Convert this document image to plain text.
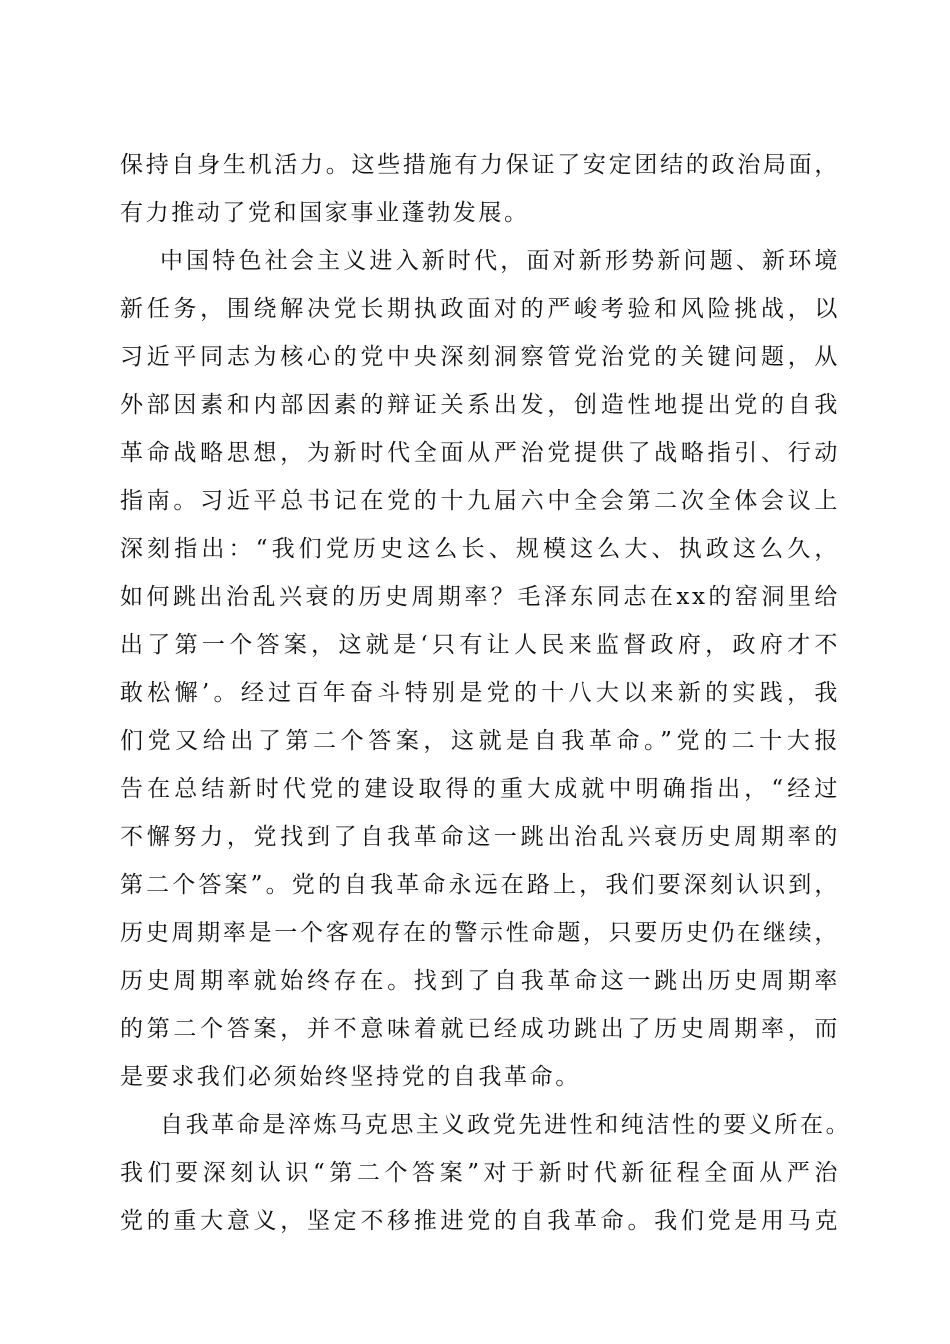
保持自身生机活力。这些措施有力保证了安定团结的政治局面，
有力推动了党和国家事业蓬勃发展。
中国特色社会主义进入新时代，面对新形势新问题、新环境
新任务，围绕解决党长期执政面对的严峻考验和风险挑战，以
习近平同志为核心的党中央深刻洞察管党治党的关键问题，从
外部因素和内部因素的辩证关系出发，创造性地提出党的自我
革命战略思想，为新时代全面从严治党提供了战略指引、行动
指南。习近平总书记在党的十九届六中全会第二次全体会议上
深刻指出：“我们党历史这么长、规模这么大、执政这么久，
如何跳出治乱兴衰的历史周期率？毛泽东同志在xx的窑洞里给
出了第一个答案，这就是‘只有让人民来监督政府，政府才不
敢松懈’。经过百年奋斗特别是党的十八大以来新的实践，我
们党又给出了第二个答案，这就是自我革命。”党的二十大报
告在总结新时代党的建设取得的重大成就中明确指出，“经过
不懈努力，党找到了自我革命这一跳出治乱兴衰历史周期率的
第二个答案”。党的自我革命永远在路上，我们要深刻认识到，
历史周期率是一个客观存在的警示性命题，只要历史仍在继续，
历史周期率就始终存在。找到了自我革命这一跳出历史周期率
的第二个答案，并不意味着就已经成功跳出了历史周期率，而
是要求我们必须始终坚持党的自我革命。
自我革命是淬炼马克思主义政党先进性和纯洁性的要义所在。
我们要深刻认识“第二个答案”对于新时代新征程全面从严治
党的重大意义，坚定不移推进党的自我革命。我们党是用马克
